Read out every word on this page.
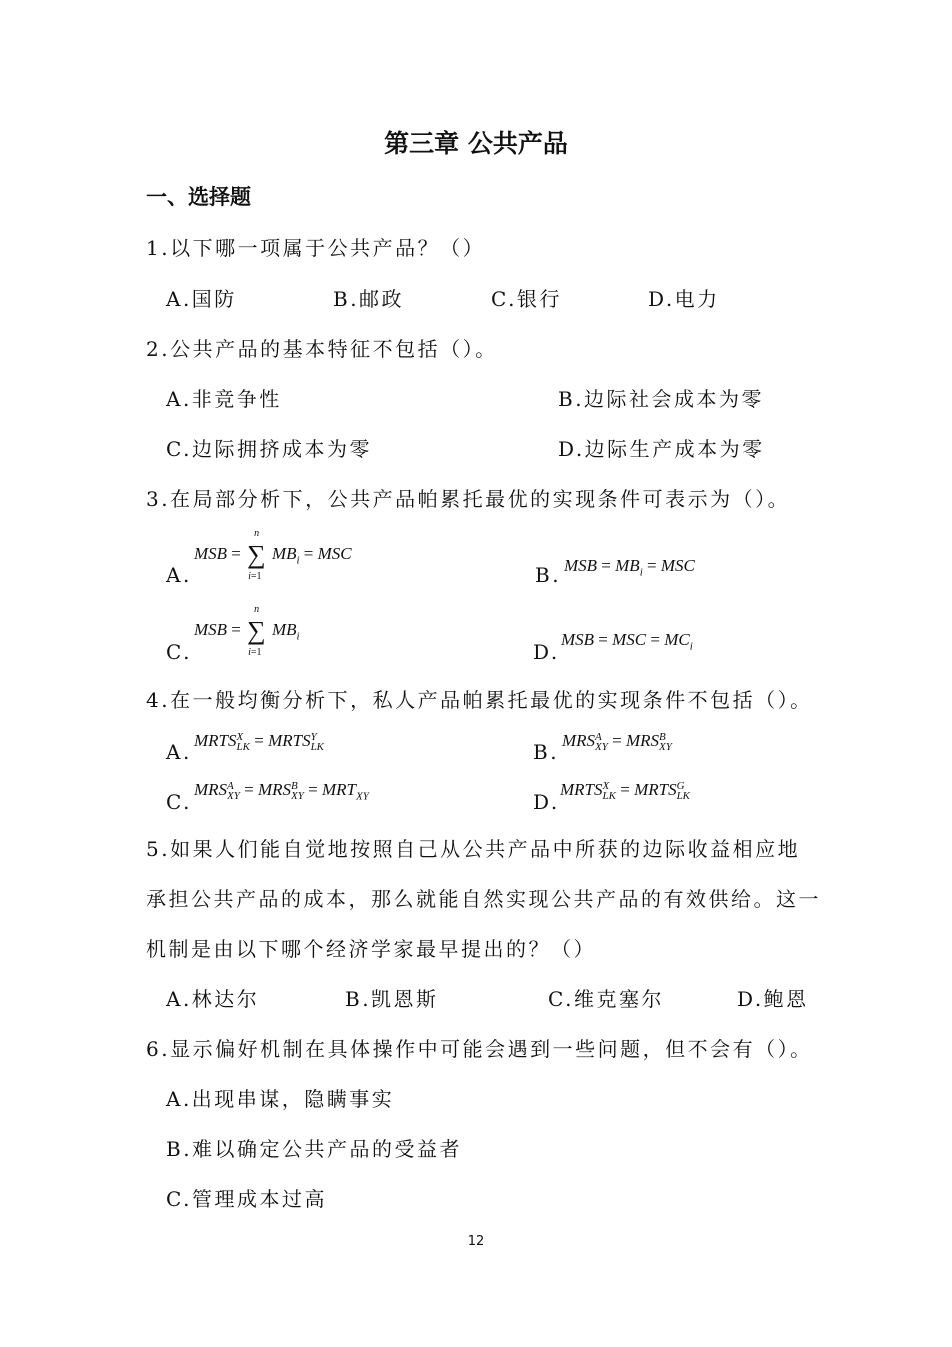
第三章 公共产品
一、选择题
1.以下哪一项属于公共产品？（）
A.国防	B.邮政	C.银行	D.电力
2.公共产品的基本特征不包括（）。
A.非竞争性	B.边际社会成本为零
C.边际拥挤成本为零	D.边际生产成本为零
3.在局部分析下，公共产品帕累托最优的实现条件可表示为（）。
A.
MSB = ∑
n
i=1
$MB_i$ = MSC
B. MSB = $MB_i$ = MSC
C.
MSB = ∑
n
i=1
$MB_i$
D.
MSB = MSC = $MC_i$
4.在一般均衡分析下，私人产品帕累托最优的实现条件不包括（）。
A. MRTS X
LK = MRTS Y
LK	B. MRS A
XY = MRS B
XY
C.
MRS A
XY = MRS B
XY = $MRT_{XY}$	D.
MRTS X
LK = MRTS G
LK
5.如果人们能自觉地按照自己从公共产品中所获的边际收益相应地
承担公共产品的成本，那么就能自然实现公共产品的有效供给。这一
机制是由以下哪个经济学家最早提出的？（）
A.林达尔	B.凯恩斯	C.维克塞尔	D.鲍恩
6.显示偏好机制在具体操作中可能会遇到一些问题，但不会有（）。
A.出现串谋，隐瞒事实
B.难以确定公共产品的受益者
C.管理成本过高
12
